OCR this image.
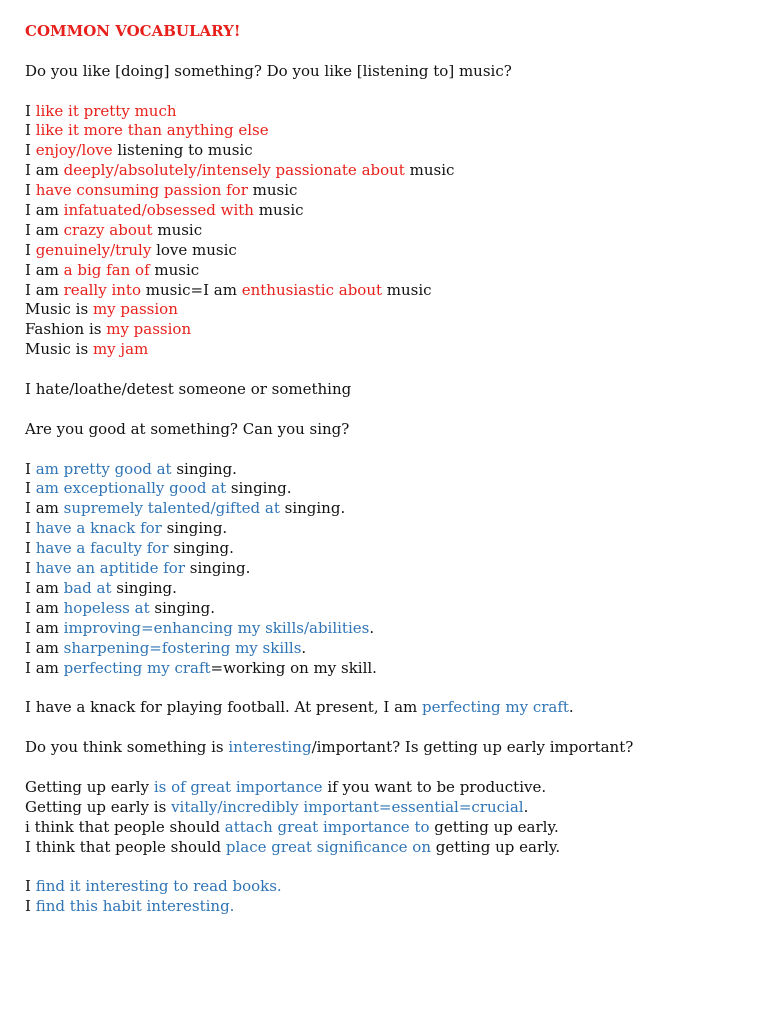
COMMON VOCABULARY!
Do you like [doing] something? Do you like [listening to] music?
I like it pretty much
I like it more than anything else
I enjoy/love listening to music
I am deeply/absolutely/intensely passionate about music
I have consuming passion for music
I am infatuated/obsessed with music
I am crazy about music
I genuinely/truly love music
I am a big fan of music
I am really into music=I am enthusiastic about music
Music is my passion
Fashion is my passion
Music is my jam
I hate/loathe/detest someone or something
Are you good at something? Can you sing?
I am pretty good at singing.
I am exceptionally good at singing.
I am supremely talented/gifted at singing.
I have a knack for singing.
I have a faculty for singing.
I have an aptitide for singing.
I am bad at singing.
I am hopeless at singing.
I am improving=enhancing my skills/abilities.
I am sharpening=fostering my skills.
I am perfecting my craft=working on my skill.
I have a knack for playing football. At present, I am perfecting my craft.
Do you think something is interesting/important? Is getting up early important?
Getting up early is of great importance if you want to be productive.
Getting up early is vitally/incredibly important=essential=crucial.
i think that people should attach great importance to getting up early.
I think that people should place great significance on getting up early.
I find it interesting to read books.
I find this habit interesting.
